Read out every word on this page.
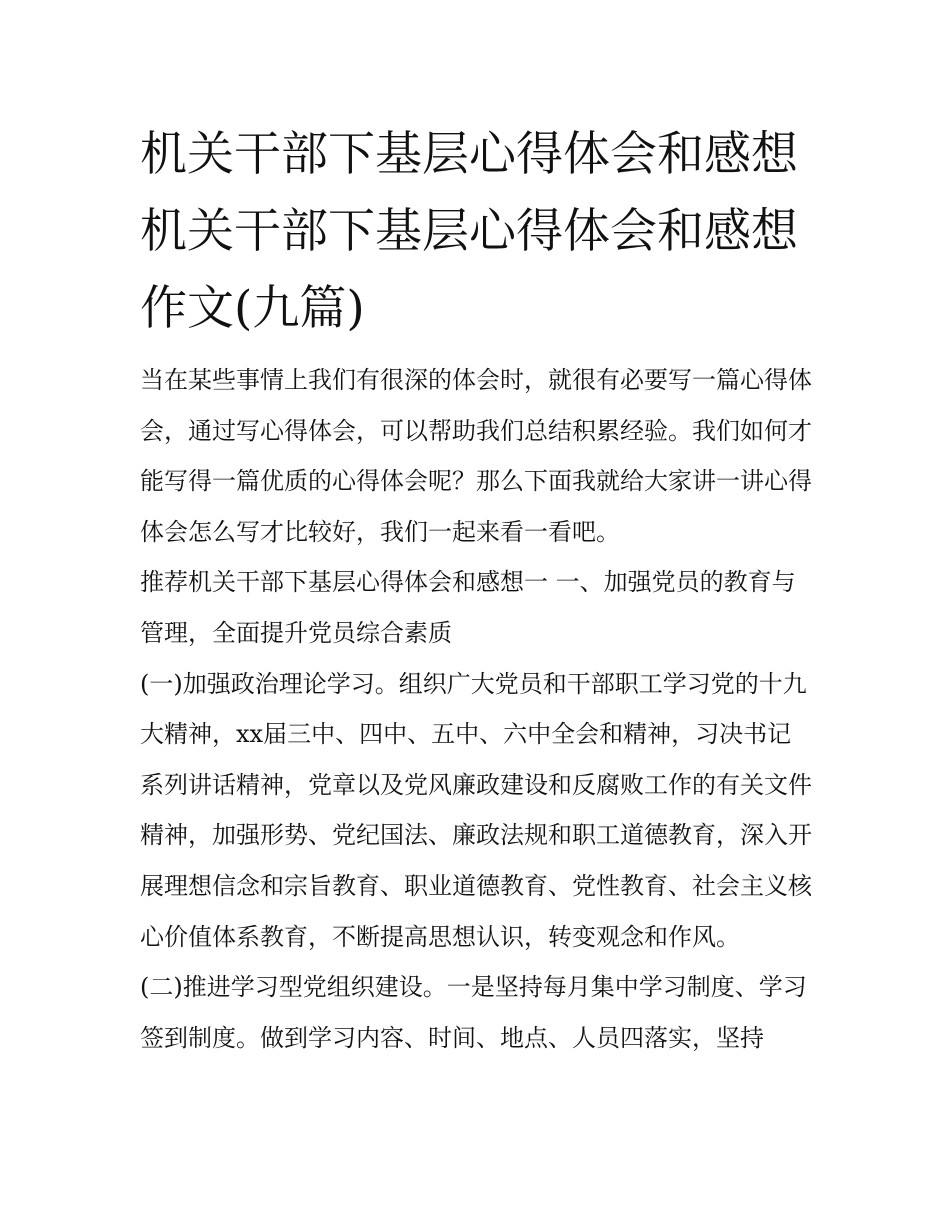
机关干部下基层心得体会和感想 机关干部下基层心得体会和感想作文(九篇)

当在某些事情上我们有很深的体会时，就很有必要写一篇心得体会，通过写心得体会，可以帮助我们总结积累经验。我们如何才能写得一篇优质的心得体会呢？那么下面我就给大家讲一讲心得体会怎么写才比较好，我们一起来看一看吧。

推荐机关干部下基层心得体会和感想一 一、加强党员的教育与管理，全面提升党员综合素质

(一)加强政治理论学习。组织广大党员和干部职工学习党的十九大精神，xx届三中、四中、五中、六中全会和精神，习决书记系列讲话精神，党章以及党风廉政建设和反腐败工作的有关文件精神，加强形势、党纪国法、廉政法规和职工道德教育，深入开展理想信念和宗旨教育、职业道德教育、党性教育、社会主义核心价值体系教育，不断提高思想认识，转变观念和作风。

(二)推进学习型党组织建设。一是坚持每月集中学习制度、学习签到制度。做到学习内容、时间、地点、人员四落实，坚持
